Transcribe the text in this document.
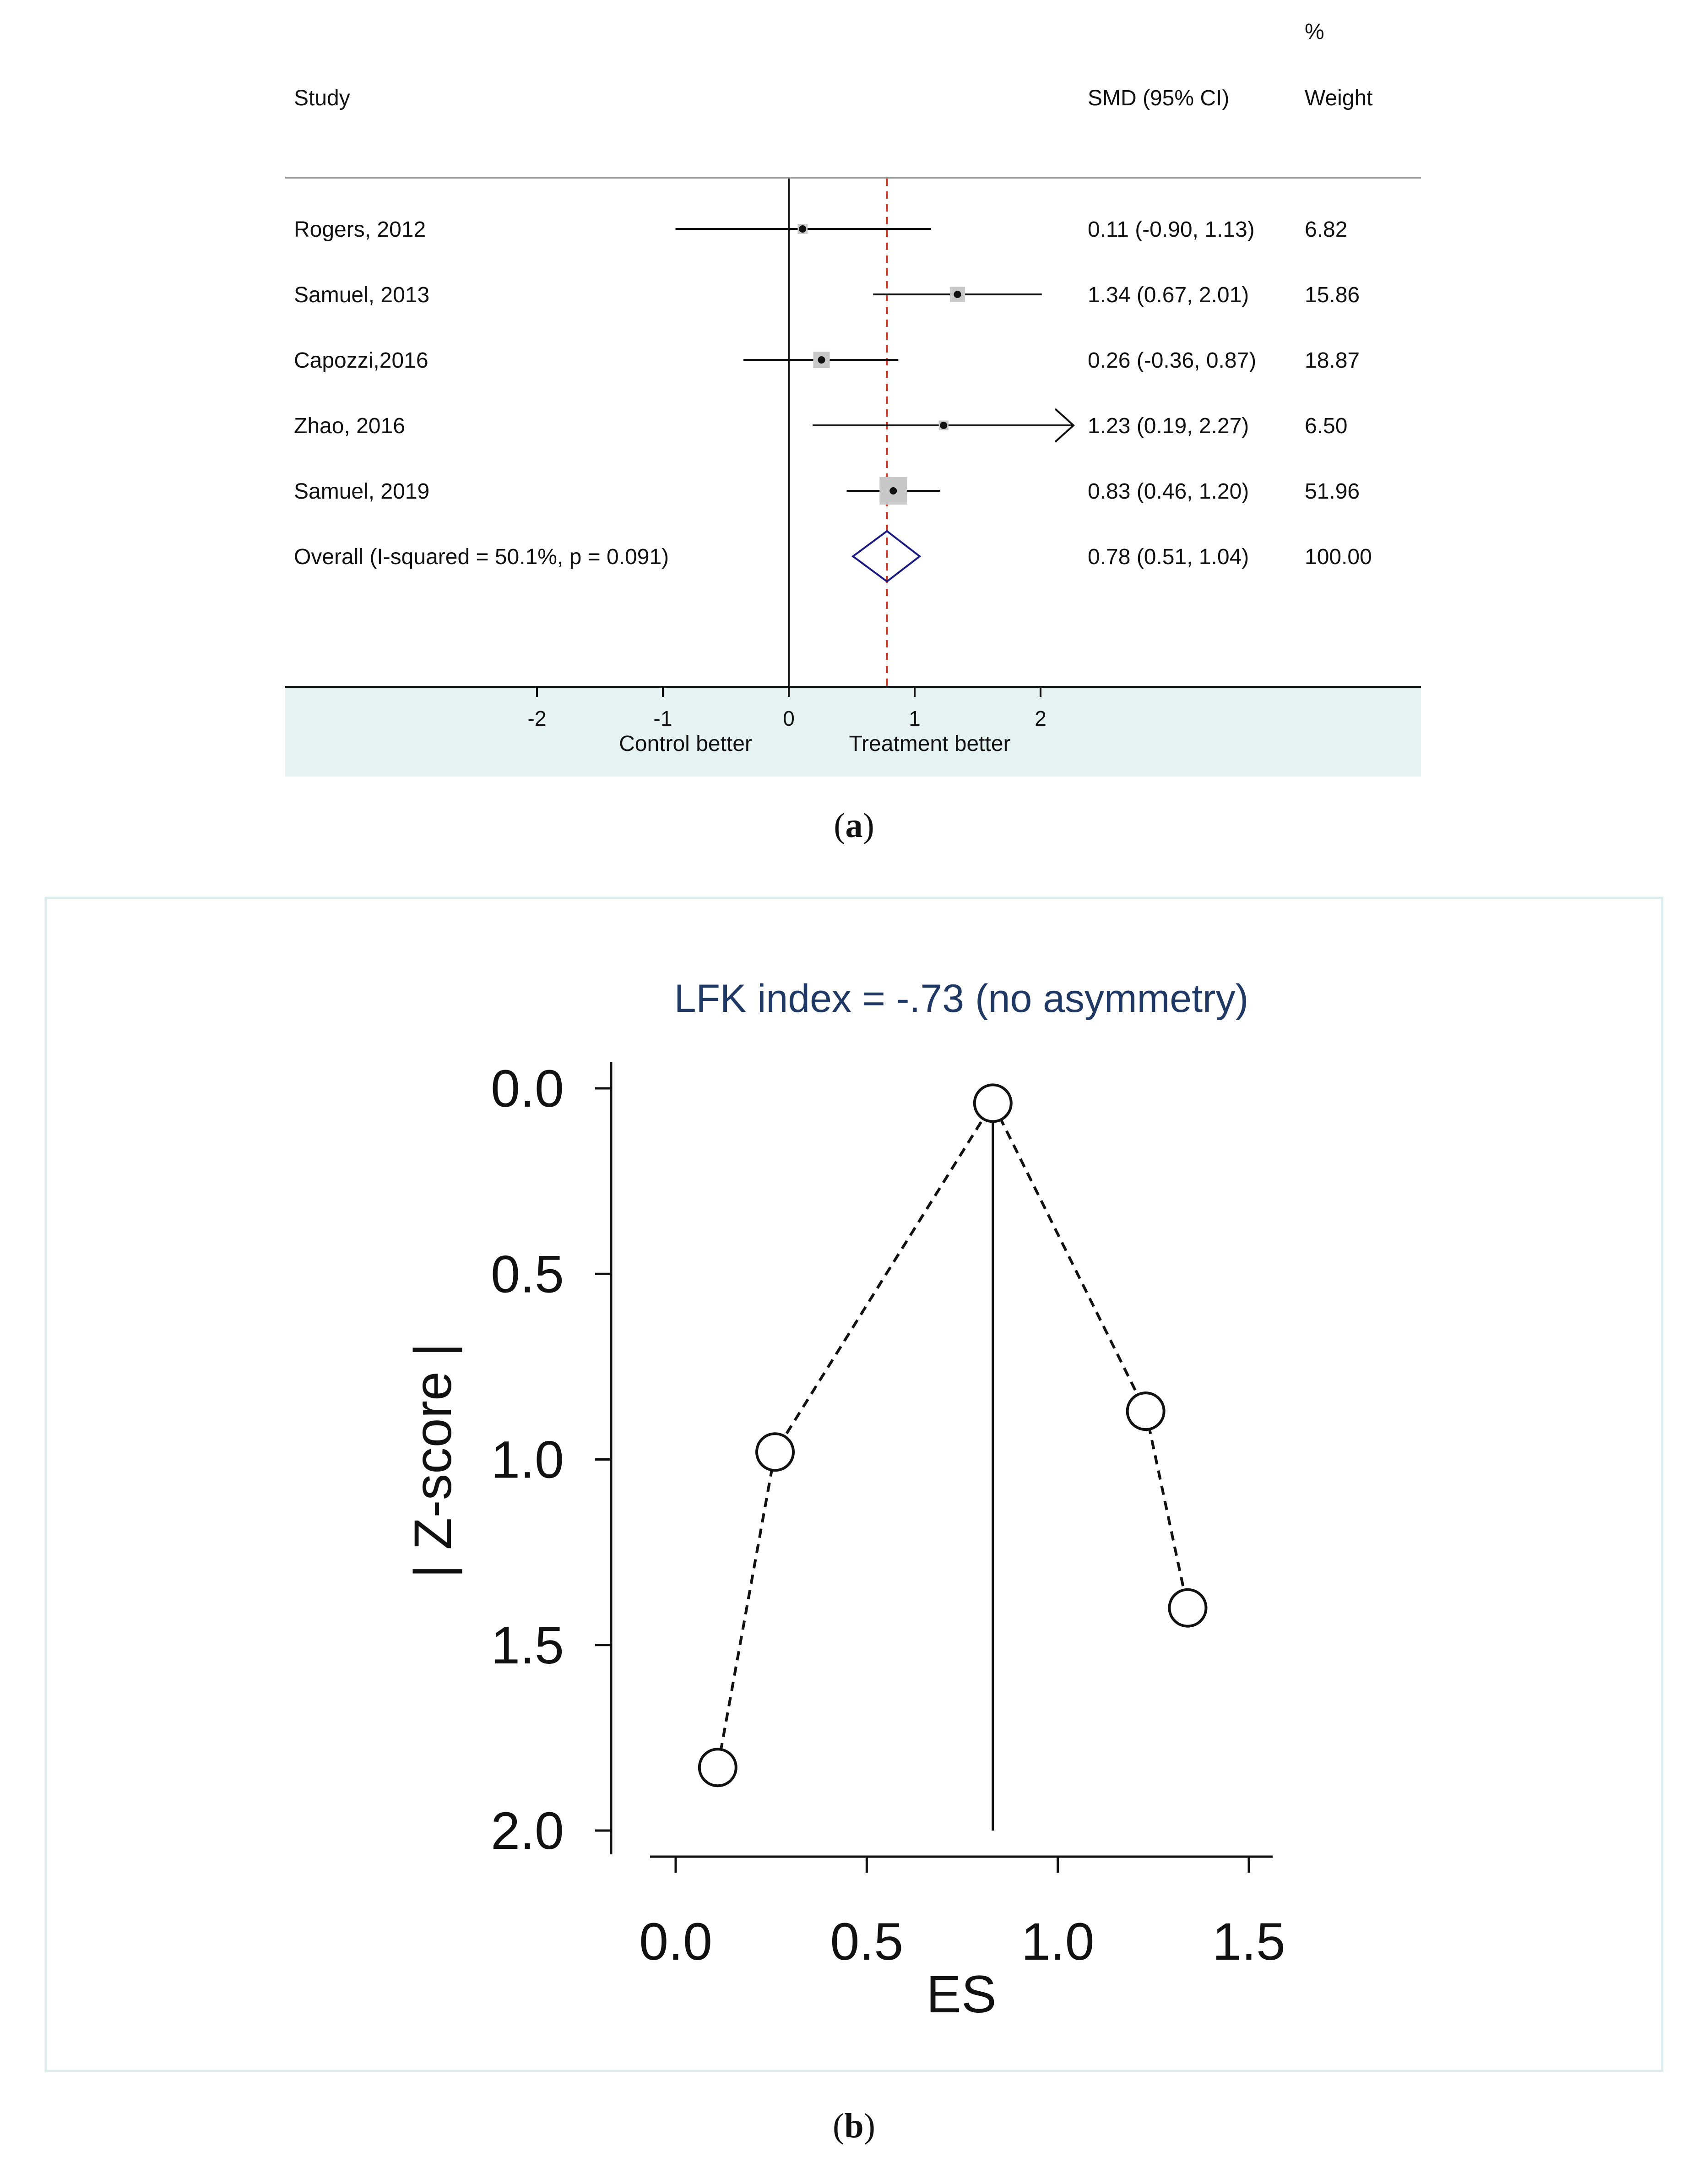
%
Study	SMD (95% CI)	Weight
Rogers, 2012	0.11 (-0.90, 1.13) 6.82
Samuel, 2013	1.34 (0.67, 2.01)	15.86
Capozzi,2016	0.26 (-0.36, 0.87) 18.87
Zhao, 2016	1.23 (0.19, 2.27)	6.50
Samuel, 2019	0.83 (0.46, 1.20)	51.96
Overall (I-squared = 50.1%, p = 0.091)	0.78 (0.51, 1.04)	100.00
-2	-1	0	1	2
Control better	Treatment better
(a)
LFK index = -.73 (no asymmetry)
ES
| Z-score |
0.0
0.5
1.0
1.5
2.0
0.0 0.5 1.0 1.5
(b)
